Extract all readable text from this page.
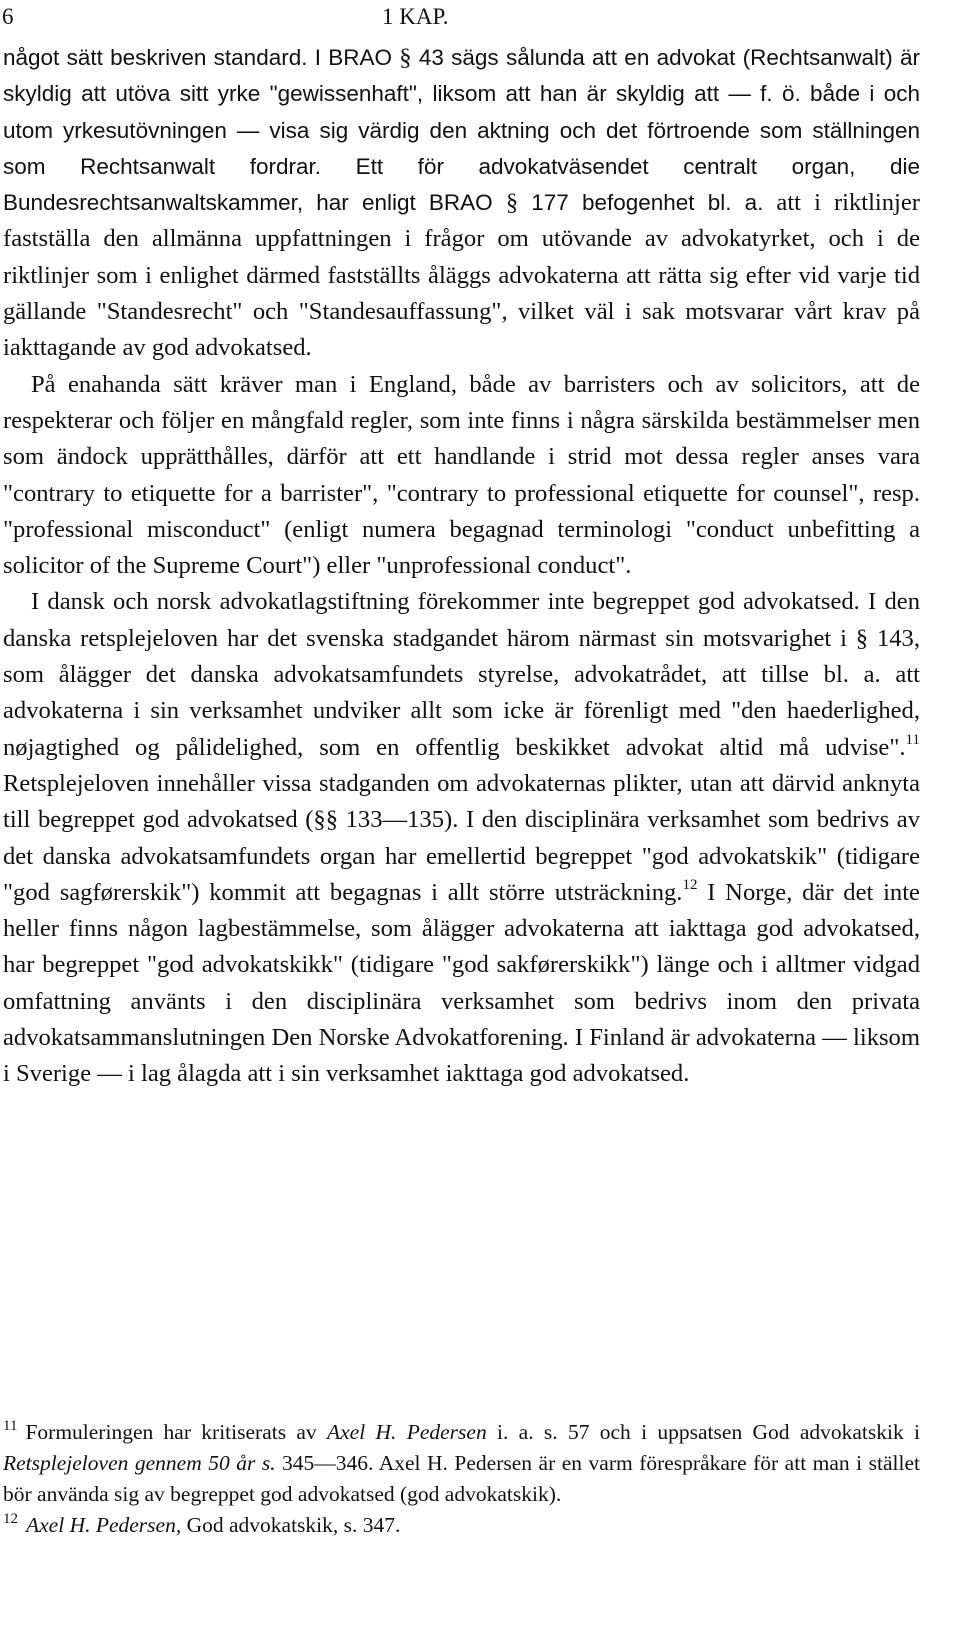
6	1 KAP.

något sätt beskriven standard. I BRAO § 43 sägs sålunda att en advokat (Rechtsanwalt) är skyldig att utöva sitt yrke "gewissenhaft", liksom att han är skyldig att — f. ö. både i och utom yrkesutövningen — visa sig värdig den aktning och det förtroende som ställningen som Rechtsanwalt fordrar. Ett för advokatväsendet centralt organ, die Bundesrechtsanwaltskammer, har enligt BRAO § 177 befogenhet bl. a. att i riktlinjer fastställa den allmänna uppfattningen i frågor om utövande av advokatyrket, och i de riktlinjer som i enlighet därmed fastställts åläggs advokaterna att rätta sig efter vid varje tid gällande "Standesrecht" och "Standesauffassung", vilket väl i sak motsvarar vårt krav på iakttagande av god advokatsed.

På enahanda sätt kräver man i England, både av barristers och av solicitors, att de respekterar och följer en mångfald regler, som inte finns i några särskilda bestämmelser men som ändock upprätthålles, därför att ett handlande i strid mot dessa regler anses vara "contrary to etiquette for a barrister", "contrary to professional etiquette for counsel", resp. "professional misconduct" (enligt numera begagnad terminologi "conduct unbefitting a solicitor of the Supreme Court") eller "unprofessional conduct".

I dansk och norsk advokatlagstiftning förekommer inte begreppet god advokatsed. I den danska retsplejeloven har det svenska stadgandet härom närmast sin motsvarighet i § 143, som ålägger det danska advokatsamfundets styrelse, advokatrådet, att tillse bl. a. att advokaterna i sin verksamhet undviker allt som icke är förenligt med "den haederlighed, nøjagtighed og pålidelighed, som en offentlig beskikket advokat altid må udvise".$^{11}$ Retsplejeloven innehåller vissa stadganden om advokaternas plikter, utan att därvid anknyta till begreppet god advokatsed (§§ 133—135). I den disciplinära verksamhet som bedrivs av det danska advokatsamfundets organ har emellertid begreppet "god advokatskik" (tidigare "god sagførerskik") kommit att begagnas i allt större utsträckning.$^{12}$ I Norge, där det inte heller finns någon lagbestämmelse, som ålägger advokaterna att iakttaga god advokatsed, har begreppet "god advokatskikk" (tidigare "god sakførerskikk") länge och i alltmer vidgad omfattning använts i den disciplinära verksamhet som bedrivs inom den privata advokatsammanslutningen Den Norske Advokatforening. I Finland är advokaterna — liksom i Sverige — i lag ålagda att i sin verksamhet iakttaga god advokatsed.

$^{11}$ Formuleringen har kritiserats av Axel H. Pedersen i. a. s. 57 och i uppsatsen God advokatskik i Retsplejeloven gennem 50 år s. 345—346. Axel H. Pedersen är en varm förespråkare för att man i stället bör använda sig av begreppet god advokatsed (god advokatskik).

$^{12}$ Axel H. Pedersen, God advokatskik, s. 347.
